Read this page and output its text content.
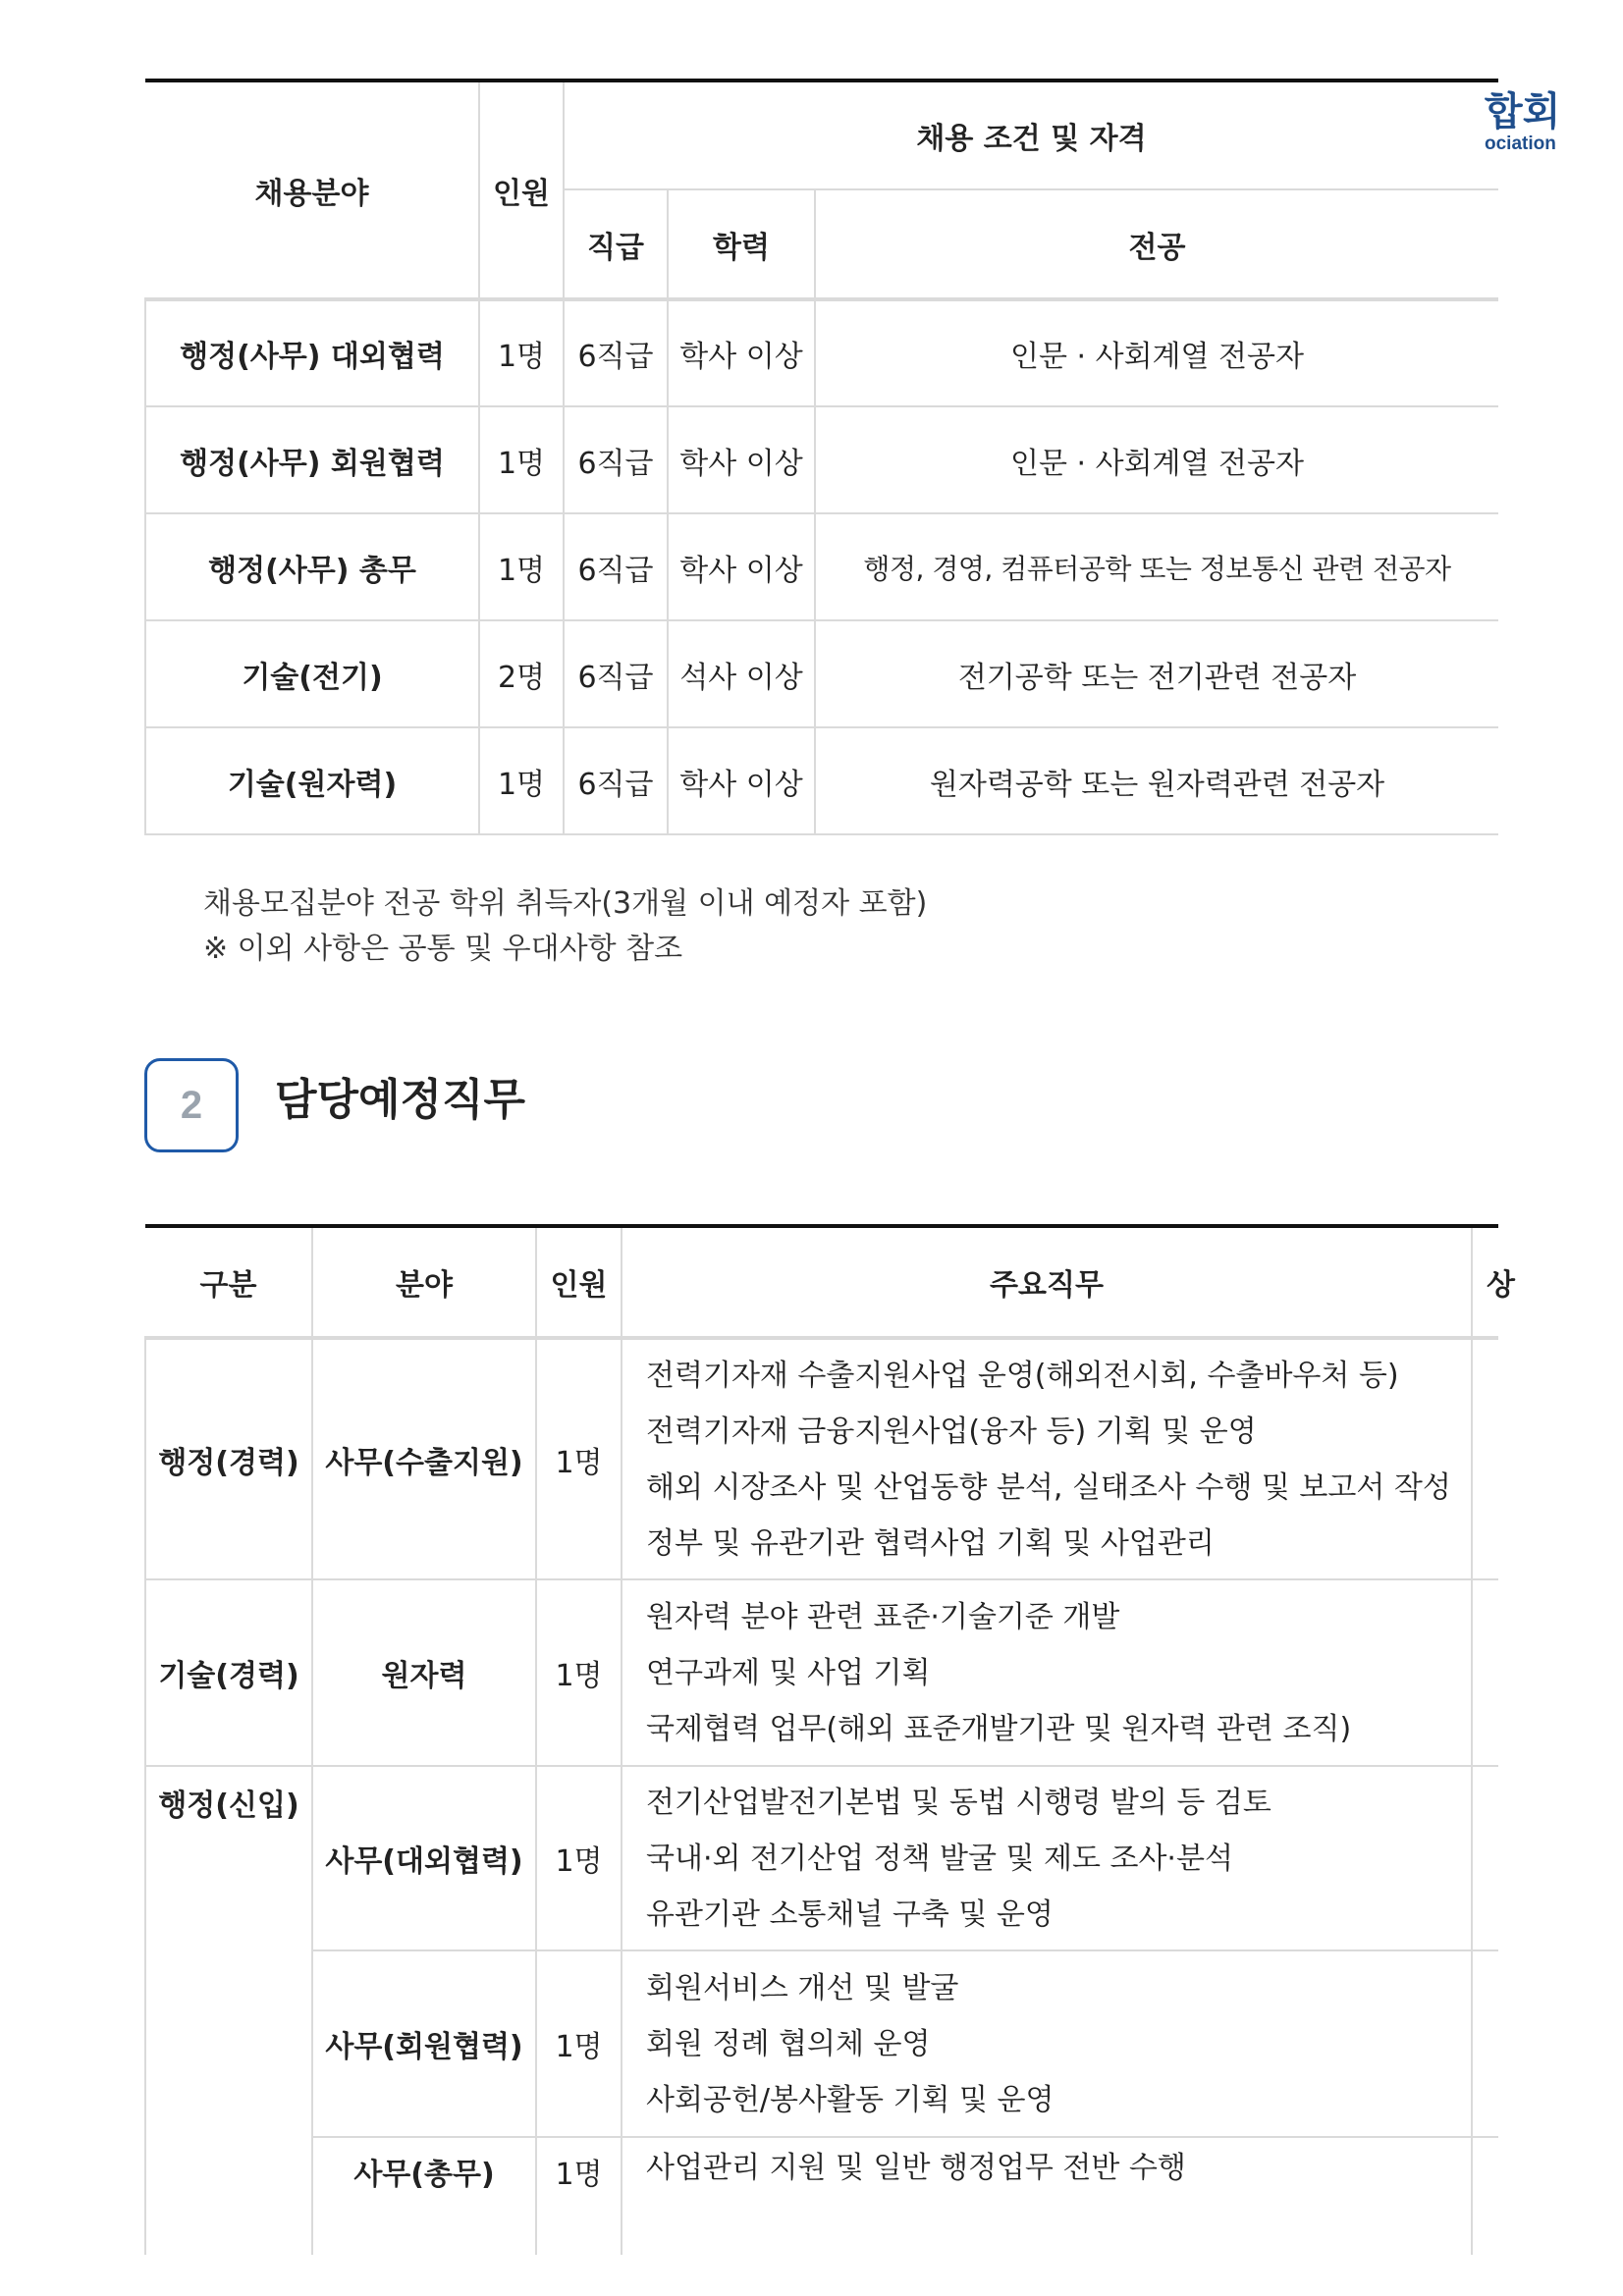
합회
ociation
채용분야	인원	채용 조건 및 자격		
		직급	학력	전공
행정(사무) 대외협력	1명	6직급	학사 이상	인문 · 사회계열 전공자
행정(사무) 회원협력	1명	6직급	학사 이상	인문 · 사회계열 전공자
행정(사무) 총무	1명	6직급	학사 이상	행정, 경영, 컴퓨터공학 또는 정보통신 관련 전공자
기술(전기)	2명	6직급	석사 이상	전기공학 또는 전기관련 전공자
기술(원자력)	1명	6직급	학사 이상	원자력공학 또는 원자력관련 전공자
채용모집분야 전공 학위 취득자(3개월 이내 예정자 포함)
※ 이외 사항은 공통 및 우대사항 참조
2	담당예정직무
구분	분야	인원	주요직무	상
행정(경력)	사무(수출지원)	1명	전력기자재 수출지원사업 운영(해외전시회, 수출바우처 등)
전력기자재 금융지원사업(융자 등) 기획 및 운영
해외 시장조사 및 산업동향 분석, 실태조사 수행 및 보고서 작성
정부 및 유관기관 협력사업 기획 및 사업관리	

기술(경력)	원자력	1명	원자력 분야 관련 표준·기술기준 개발
연구과제 및 사업 기획
국제협력 업무(해외 표준개발기관 및 원자력 관련 조직)	

행정(신입)	사무(대외협력)	1명	전기산업발전기본법 및 동법 시행령 발의 등 검토
국내·외 전기산업 정책 발굴 및 제도 조사·분석
유관기관 소통채널 구축 및 운영	

	사무(회원협력)	1명	회원서비스 개선 및 발굴
회원 정례 협의체 운영
사회공헌/봉사활동 기획 및 운영	

	사무(총무)	1명	사업관리 지원 및 일반 행정업무 전반 수행	
